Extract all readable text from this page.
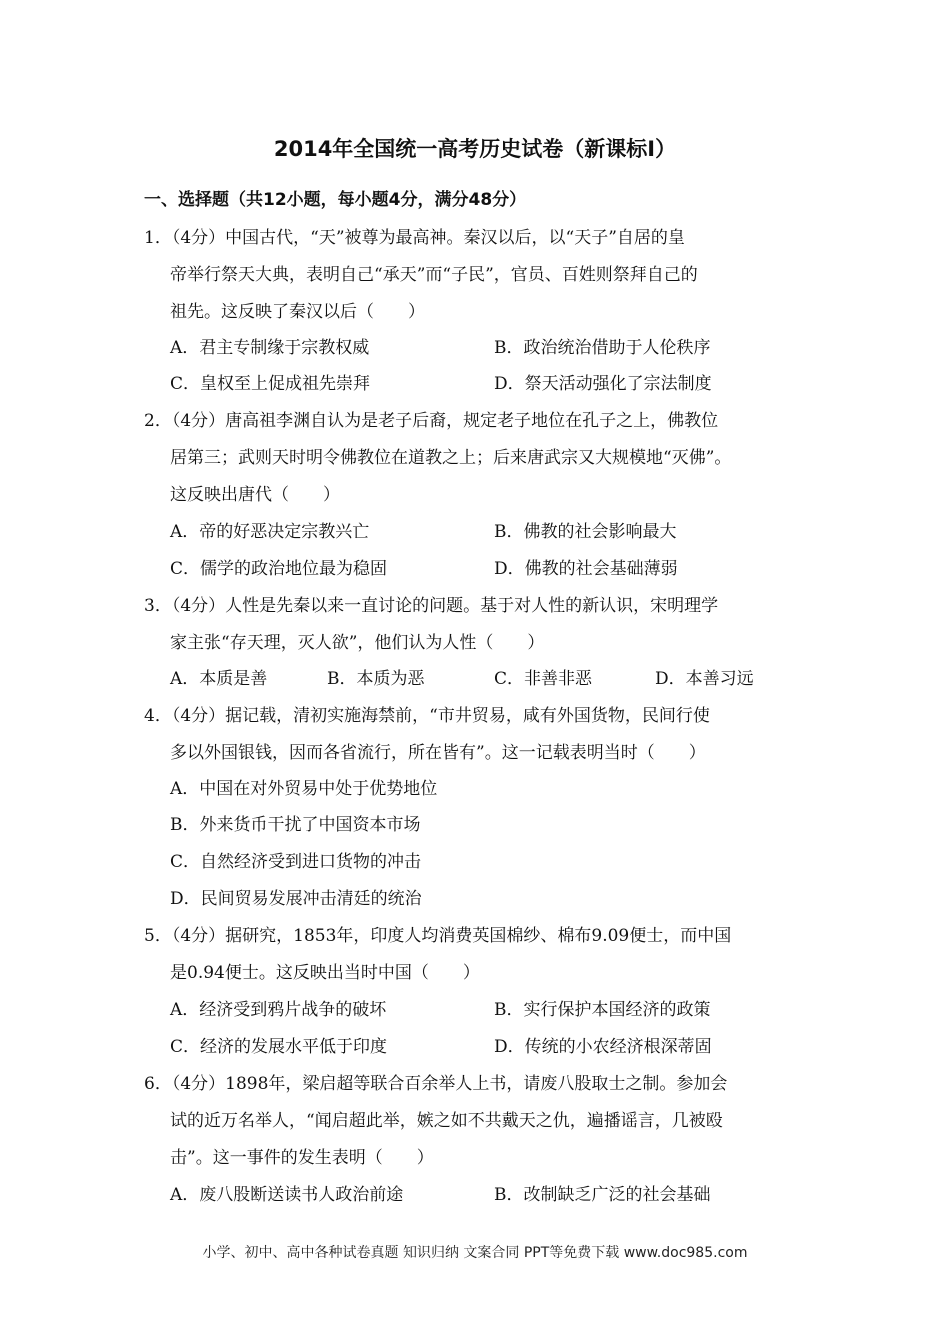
2014年全国统一高考历史试卷（新课标Ⅰ）
一、选择题（共12小题，每小题4分，满分48分）
1．（4分）中国古代，“天”被尊为最高神。秦汉以后，以“天子”自居的皇
帝举行祭天大典，表明自己“承天”而“子民”，官员、百姓则祭拜自己的
祖先。这反映了秦汉以后（　　）
A．君主专制缘于宗教权威	B．政治统治借助于人伦秩序
C．皇权至上促成祖先崇拜	D．祭天活动强化了宗法制度
2．（4分）唐高祖李渊自认为是老子后裔，规定老子地位在孔子之上，佛教位
居第三；武则天时明令佛教位在道教之上；后来唐武宗又大规模地“灭佛”。
这反映出唐代（　　）
A．帝的好恶决定宗教兴亡	B．佛教的社会影响最大
C．儒学的政治地位最为稳固	D．佛教的社会基础薄弱
3．（4分）人性是先秦以来一直讨论的问题。基于对人性的新认识，宋明理学
家主张“存天理，灭人欲”，他们认为人性（　　）
A．本质是善	B．本质为恶	C．非善非恶	D．本善习远
4．（4分）据记载，清初实施海禁前，“市井贸易，咸有外国货物，民间行使
多以外国银钱，因而各省流行，所在皆有”。这一记载表明当时（　　）
A．中国在对外贸易中处于优势地位
B．外来货币干扰了中国资本市场
C．自然经济受到进口货物的冲击
D．民间贸易发展冲击清廷的统治
5．（4分）据研究，1853年，印度人均消费英国棉纱、棉布9.09便士，而中国
是0.94便士。这反映出当时中国（　　）
A．经济受到鸦片战争的破坏	B．实行保护本国经济的政策
C．经济的发展水平低于印度	D．传统的小农经济根深蒂固
6．（4分）1898年，梁启超等联合百余举人上书，请废八股取士之制。参加会
试的近万名举人，“闻启超此举，嫉之如不共戴天之仇，遍播谣言，几被殴
击”。这一事件的发生表明（　　）
A．废八股断送读书人政治前途	B．改制缺乏广泛的社会基础
小学、初中、高中各种试卷真题 知识归纳 文案合同 PPT等免费下载 www.doc985.com
